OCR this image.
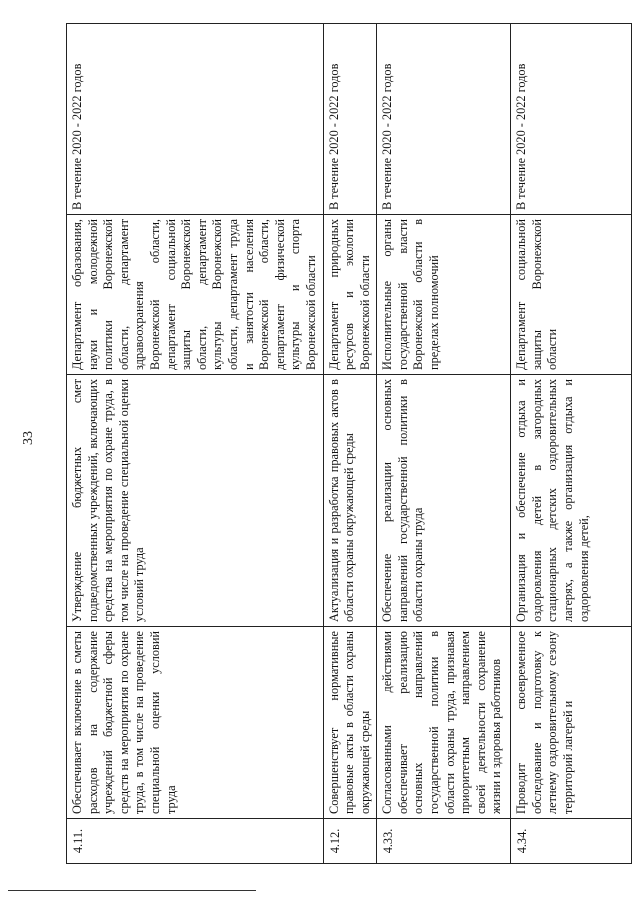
33
4.11.	Обеспечивает включение в сметы расходов на содержание учреждений бюджетной сферы средств на мероприятия по охране труда, в том числе на проведение специальной оценки условий труда	Утверждение бюджетных смет подведомственных учреждений, включающих средства на мероприятия по охране труда, в том числе на проведение специальной оценки условий труда	Департамент образования, науки и молодежной политики Воронежской области, департамент здравоохранения Воронежской области, департамент социальной защиты Воронежской области, департамент культуры Воронежской области, департамент труда и занятости населения Воронежской области, департамент физической культуры и спорта Воронежской области	В течение 2020 - 2022 годов
4.12.	Совершенствует нормативные правовые акты в области охраны окружающей среды	Актуализация и разработка правовых актов в области охраны окружающей среды	Департамент природных ресурсов и экологии Воронежской области	В течение 2020 - 2022 годов
4.33.	Согласованными действиями обеспечивает реализацию основных направлений государственной политики в области охраны труда, признавая приоритетным направлением своей деятельности сохранение жизни и здоровья работников	Обеспечение реализации основных направлений государственной политики в области охраны труда	Исполнительные органы государственной власти Воронежской области в пределах полномочий	В течение 2020 - 2022 годов
4.34.	Проводит своевременное обследование и подготовку к летнему оздоровительному сезону территорий лагерей и	Организация и обеспечение отдыха и оздоровления детей в загородных стационарных детских оздоровительных лагерях, а также организация отдыха и оздоровления детей,	Департамент социальной защиты Воронежской области	В течение 2020 - 2022 годов
